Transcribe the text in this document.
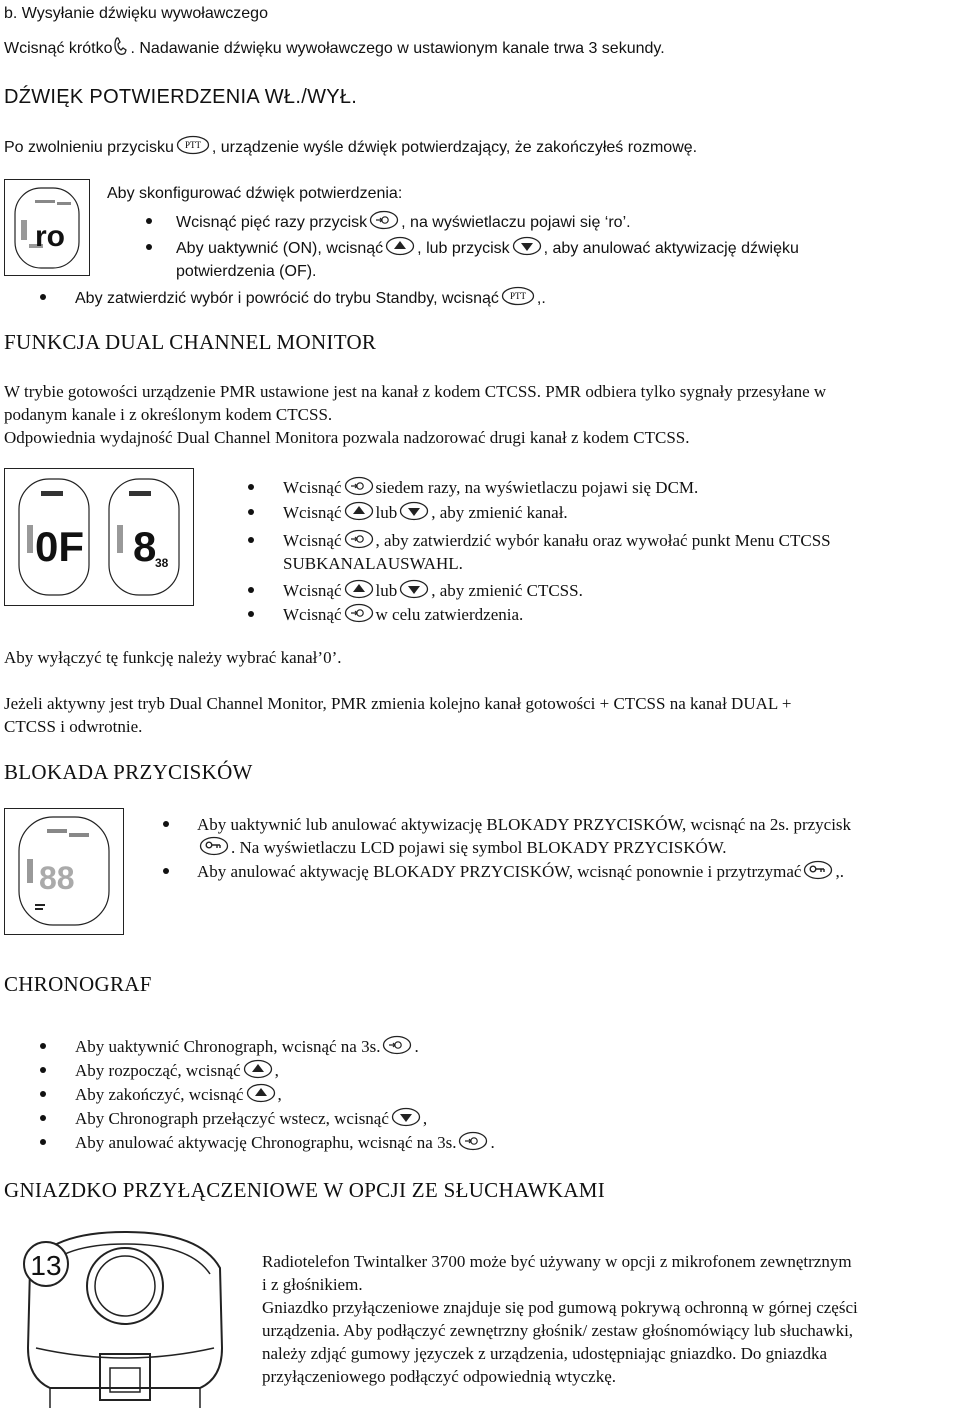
b. Wysyłanie dźwięku wywoławczego
Wcisnąć krótko . Nadawanie dźwięku wywoławczego w ustawionym kanale trwa 3 sekundy.
DŹWIĘK POTWIERDZENIA WŁ./WYŁ.
Po zwolnieniu przycisku PTT , urządzenie wyśle dźwięk potwierdzający, że zakończyłeś rozmowę.
ro
Aby skonfigurować dźwięk potwierdzenia:
Wcisnąć pięć razy przycisk , na wyświetlaczu pojawi się ‘ro’.
Aby uaktywnić (ON), wcisnąć , lub przycisk , aby anulować aktywizację dźwięku
potwierdzenia (OF).
Aby zatwierdzić wybór i powrócić do trybu Standby, wcisnąć PTT ,.
FUNKCJA DUAL CHANNEL MONITOR
W trybie gotowości urządzenie PMR ustawione jest na kanał z kodem CTCSS. PMR odbiera tylko sygnały przesyłane w
podanym kanale i z określonym kodem CTCSS.
Odpowiednia wydajność Dual Channel Monitora pozwala nadzorować drugi kanał z kodem CTCSS.
0F 8
38
Wcisnąć siedem razy, na wyświetlaczu pojawi się DCM.
Wcisnąć lub , aby zmienić kanał.
Wcisnąć , aby zatwierdzić wybór kanału oraz wywołać punkt Menu CTCSS
SUBKANALAUSWAHL.
Wcisnąć lub , aby zmienić CTCSS.
Wcisnąć w celu zatwierdzenia.
Aby wyłączyć tę funkcję należy wybrać kanał’0’.
Jeżeli aktywny jest tryb Dual Channel Monitor, PMR zmienia kolejno kanał gotowości + CTCSS na kanał DUAL +
CTCSS i odwrotnie.
BLOKADA PRZYCISKÓW
88
Aby uaktywnić lub anulować aktywizację BLOKADY PRZYCISKÓW, wcisnąć na 2s. przycisk
. Na wyświetlaczu LCD pojawi się symbol BLOKADY PRZYCISKÓW.
Aby anulować aktywację BLOKADY PRZYCISKÓW, wcisnąć ponownie i przytrzymać ,.
CHRONOGRAF
Aby uaktywnić Chronograph, wcisnąć na 3s. .
Aby rozpocząć, wcisnąć ,
Aby zakończyć, wcisnąć ,
Aby Chronograph przełączyć wstecz, wcisnąć ,
Aby anulować aktywację Chronographu, wcisnąć na 3s. .
GNIAZDKO PRZYŁĄCZENIOWE W OPCJI ZE SŁUCHAWKAMI
13	Radiotelefon Twintalker 3700 może być używany w opcji z mikrofonem zewnętrznym
i z głośnikiem.
Gniazdko przyłączeniowe znajduje się pod gumową pokrywą ochronną w górnej części
urządzenia. Aby podłączyć zewnętrzny głośnik/ zestaw głośnomówiący lub słuchawki,
należy zdjąć gumowy języczek z urządzenia, udostępniając gniazdko. Do gniazdka
przyłączeniowego podłączyć odpowiednią wtyczkę.
